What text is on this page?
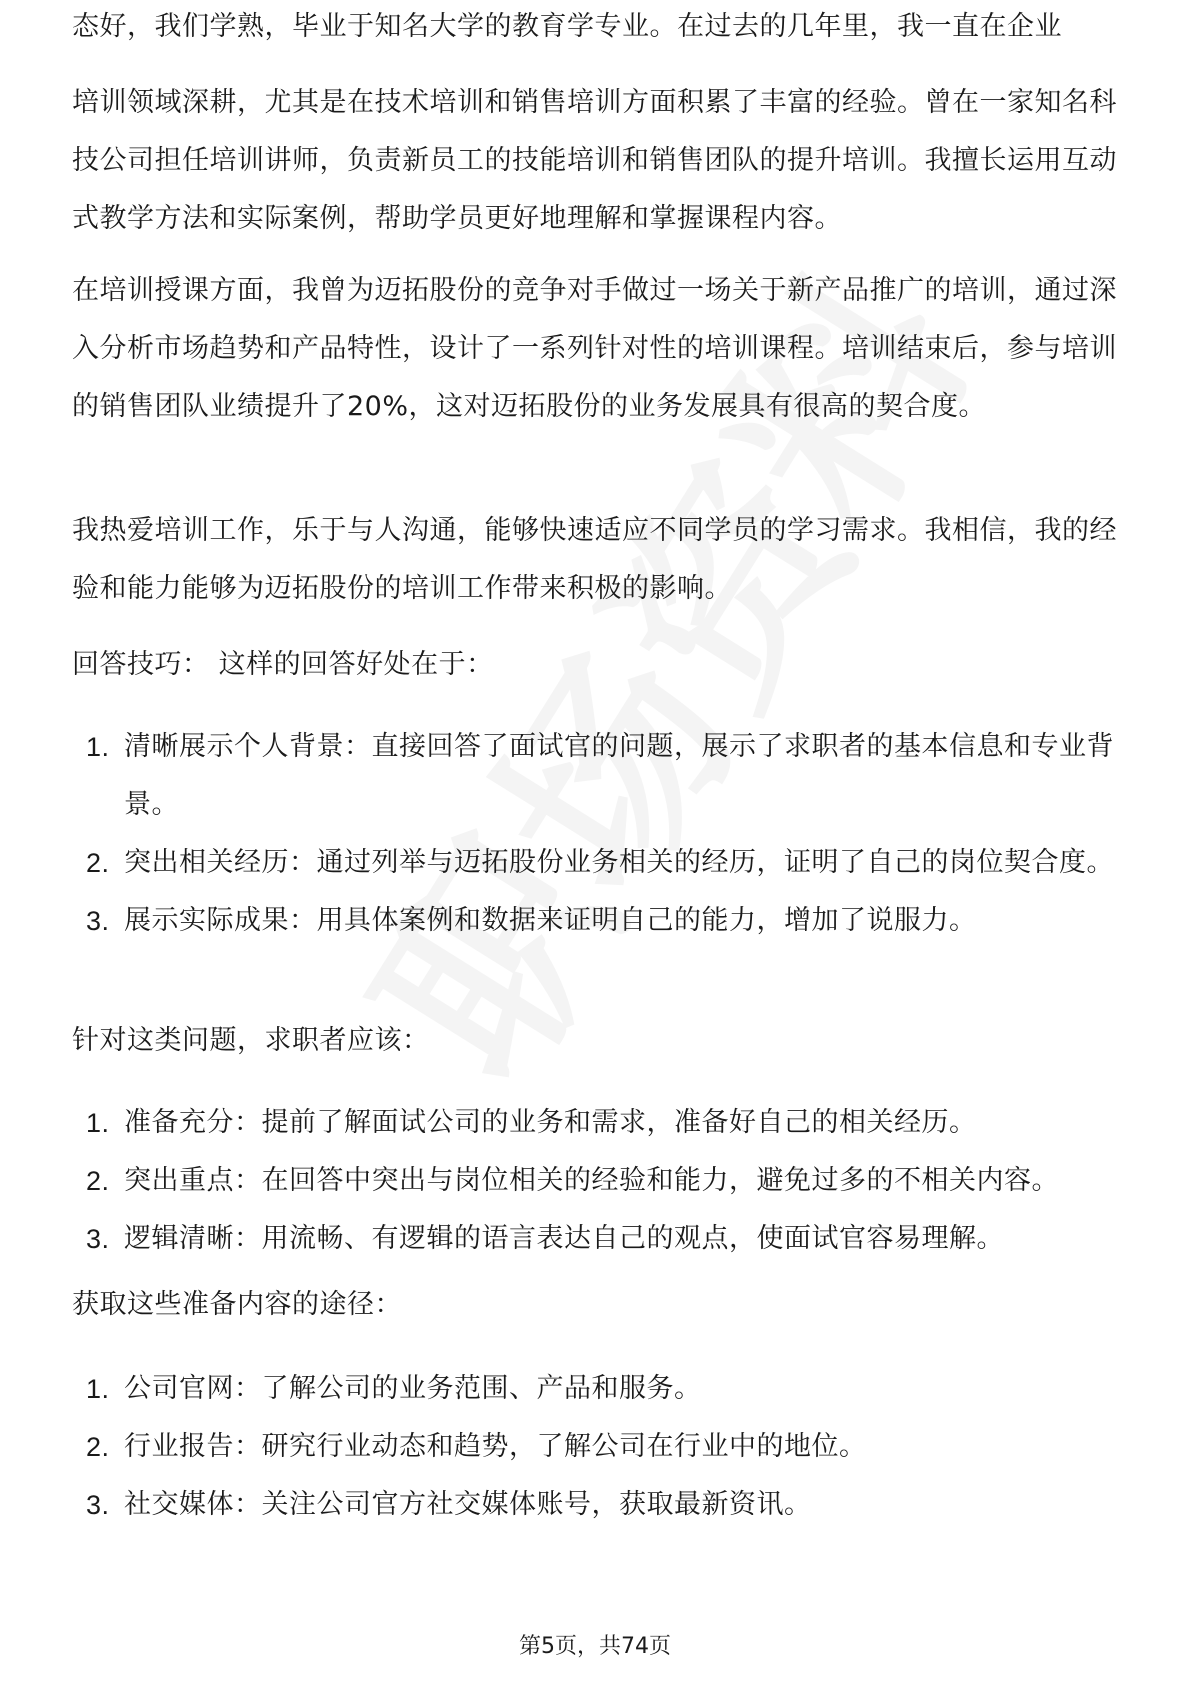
态好，我们学熟，毕业于知名大学的教育学专业。在过去的几年里，我一直在企业

培训领域深耕，尤其是在技术培训和销售培训方面积累了丰富的经验。曾在一家知名科技公司担任培训讲师，负责新员工的技能培训和销售团队的提升培训。我擅长运用互动式教学方法和实际案例，帮助学员更好地理解和掌握课程内容。

在培训授课方面，我曾为迈拓股份的竞争对手做过一场关于新产品推广的培训，通过深入分析市场趋势和产品特性，设计了一系列针对性的培训课程。培训结束后，参与培训的销售团队业绩提升了20%，这对迈拓股份的业务发展具有很高的契合度。

我热爱培训工作，乐于与人沟通，能够快速适应不同学员的学习需求。我相信，我的经验和能力能够为迈拓股份的培训工作带来积极的影响。

回答技巧： 这样的回答好处在于：

1. 清晰展示个人背景：直接回答了面试官的问题，展示了求职者的基本信息和专业背景。
2. 突出相关经历：通过列举与迈拓股份业务相关的经历，证明了自己的岗位契合度。
3. 展示实际成果：用具体案例和数据来证明自己的能力，增加了说服力。

针对这类问题，求职者应该：

1. 准备充分：提前了解面试公司的业务和需求，准备好自己的相关经历。
2. 突出重点：在回答中突出与岗位相关的经验和能力，避免过多的不相关内容。
3. 逻辑清晰：用流畅、有逻辑的语言表达自己的观点，使面试官容易理解。

获取这些准备内容的途径：

1. 公司官网：了解公司的业务范围、产品和服务。
2. 行业报告：研究行业动态和趋势，了解公司在行业中的地位。
3. 社交媒体：关注公司官方社交媒体账号，获取最新资讯。
第5页，共74页
